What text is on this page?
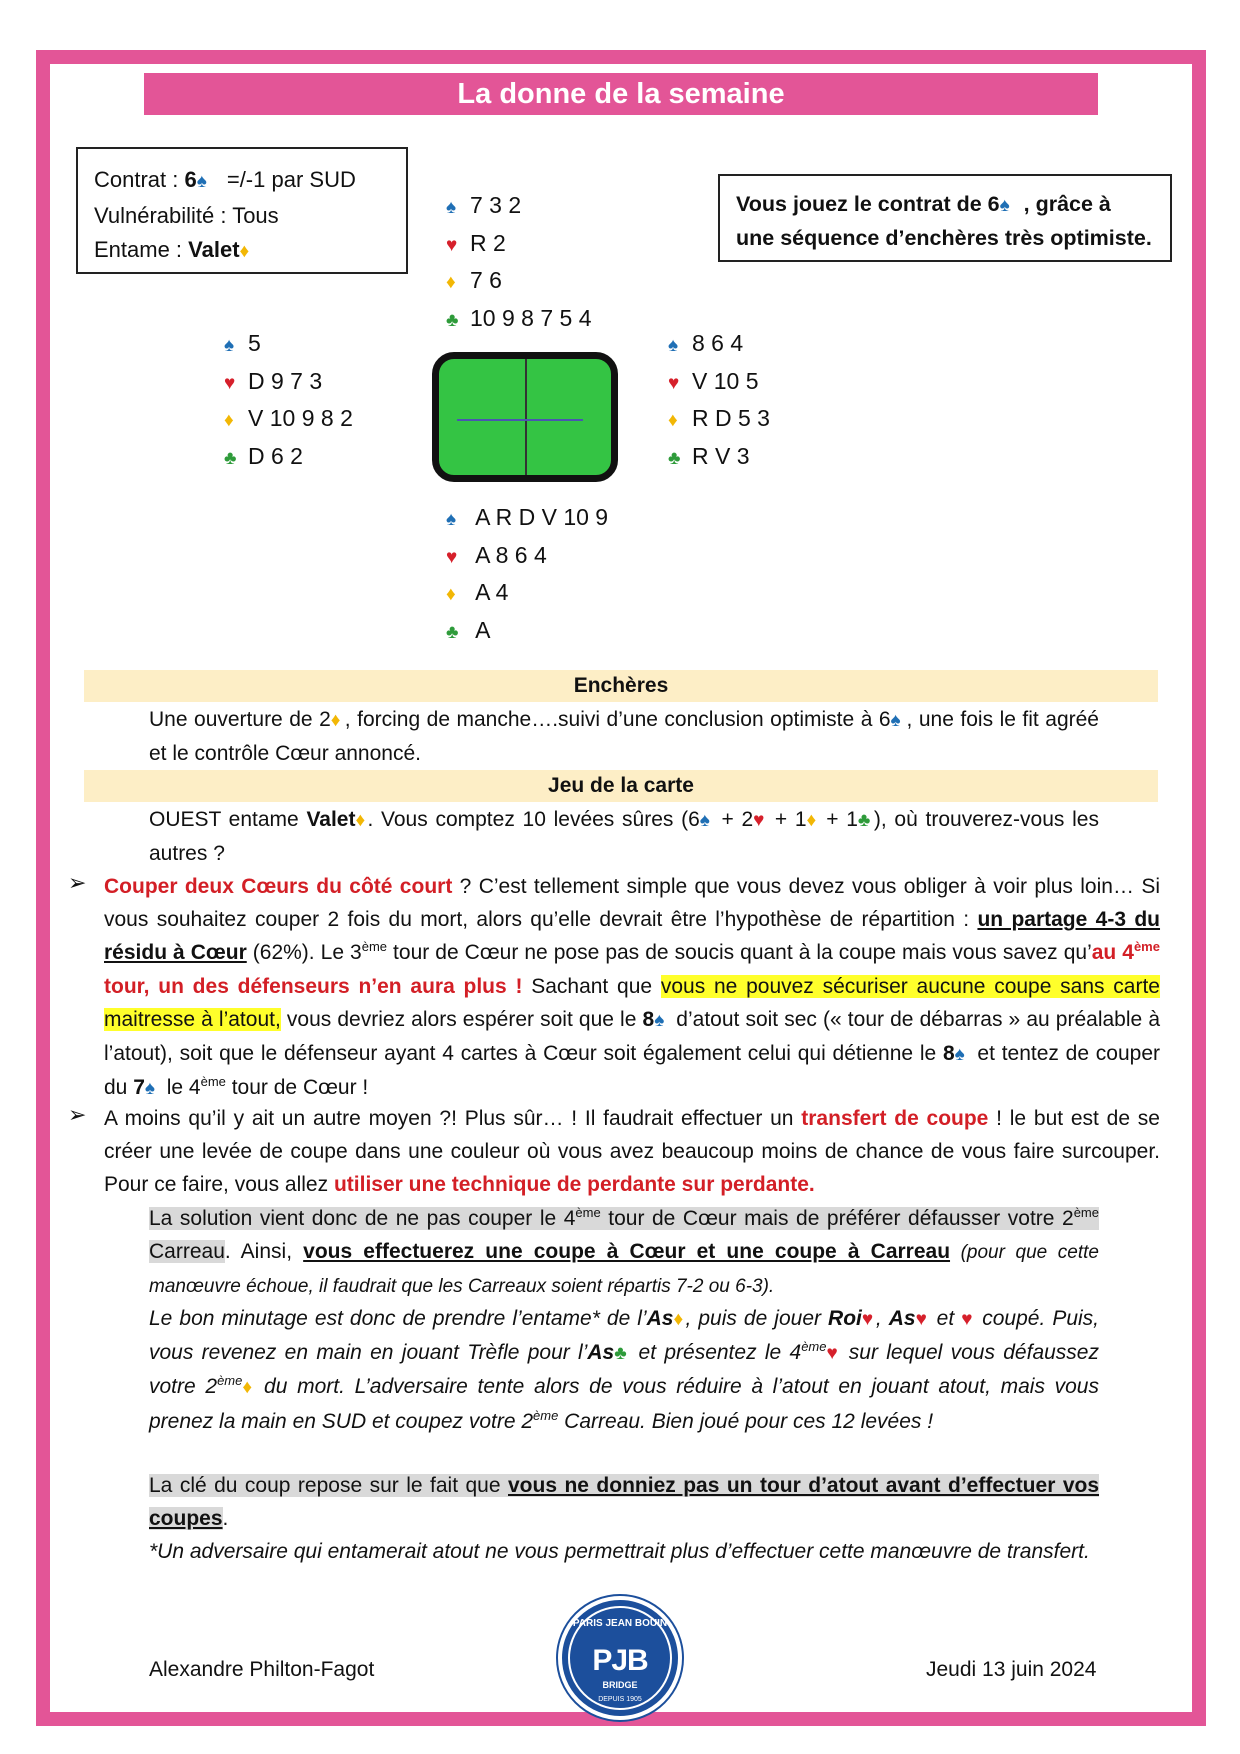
La donne de la semaine
Contrat : 6♠ =/-1 par SUD
Vulnérabilité : Tous
Entame : Valet♦
Vous jouez le contrat de 6♠ , grâce à une séquence d’enchères très optimiste.
♠ 7 3 2
♥ R 2
♦ 7 6
♣ 10 9 8 7 5 4
♠ 5
♥ D 9 7 3
♦ V 10 9 8 2
♣ D 6 2
♠ 8 6 4
♥ V 10 5
♦ R D 5 3
♣ R V 3
♠ A R D V 10 9
♥ A 8 6 4
♦ A 4
♣ A
Enchères
Une ouverture de 2♦ , forcing de manche….suivi d’une conclusion optimiste à 6♠ , une fois le fit agréé et le contrôle Cœur annoncé.
Jeu de la carte
OUEST entame Valet♦ . Vous comptez 10 levées sûres (6♠ + 2♥ + 1♦ + 1♣ ), où trouverez-vous les autres ?
➢ Couper deux Cœurs du côté court ? C’est tellement simple que vous devez vous obliger à voir plus loin… Si vous souhaitez couper 2 fois du mort, alors qu’elle devrait être l’hypothèse de répartition : un partage 4-3 du résidu à Cœur (62%). Le 3ème tour de Cœur ne pose pas de soucis quant à la coupe mais vous savez qu’au 4ème tour, un des défenseurs n’en aura plus ! Sachant que vous ne pouvez sécuriser aucune coupe sans carte maitresse à l’atout, vous devriez alors espérer soit que le 8♠ d’atout soit sec (« tour de débarras » au préalable à l’atout), soit que le défenseur ayant 4 cartes à Cœur soit également celui qui détienne le 8♠ et tentez de couper du 7♠ le 4ème tour de Cœur !
➢ A moins qu’il y ait un autre moyen ?! Plus sûr… ! Il faudrait effectuer un transfert de coupe ! le but est de se créer une levée de coupe dans une couleur où vous avez beaucoup moins de chance de vous faire surcouper. Pour ce faire, vous allez utiliser une technique de perdante sur perdante.
La solution vient donc de ne pas couper le 4ème tour de Cœur mais de préférer défausser votre 2ème Carreau. Ainsi, vous effectuerez une coupe à Cœur et une coupe à Carreau (pour que cette manœuvre échoue, il faudrait que les Carreaux soient répartis 7-2 ou 6-3).
Le bon minutage est donc de prendre l’entame* de l’As♦ , puis de jouer Roi♥ , As♥ et ♥ coupé. Puis, vous revenez en main en jouant Trèfle pour l’As♣ et présentez le 4ème♥ sur lequel vous défaussez votre 2ème♦ du mort. L’adversaire tente alors de vous réduire à l’atout en jouant atout, mais vous prenez la main en SUD et coupez votre 2ème Carreau. Bien joué pour ces 12 levées !
La clé du coup repose sur le fait que vous ne donniez pas un tour d’atout avant d’effectuer vos coupes.
*Un adversaire qui entamerait atout ne vous permettrait plus d’effectuer cette manœuvre de transfert.
Alexandre Philton-Fagot	Jeudi 13 juin 2024
PARIS JEAN BOUIN
PJB
BRIDGE
DEPUIS 1905
